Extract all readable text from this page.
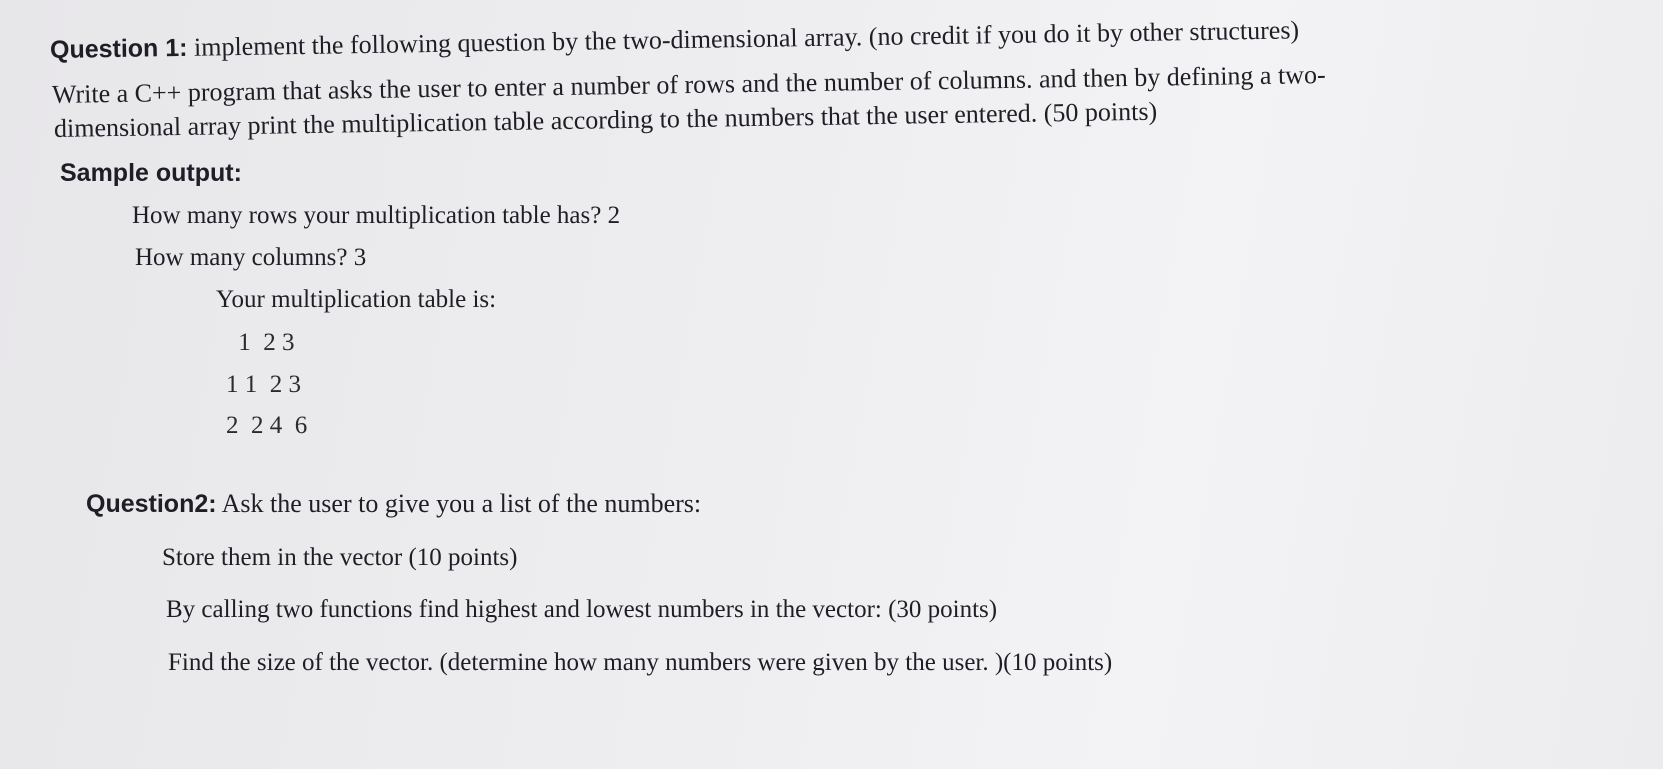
Question 1: implement the following question by the two-dimensional array. (no credit if you do it by other structures)
Write a C++ program that asks the user to enter a number of rows and the number of columns. and then by defining a two-
dimensional array print the multiplication table according to the numbers that the user entered. (50 points)
Sample output:
How many rows your multiplication table has? 2
How many columns? 3
Your multiplication table is:
1  2 3
1 1  2 3
2  2 4  6
Question2: Ask the user to give you a list of the numbers:
Store them in the vector (10 points)
By calling two functions find highest and lowest numbers in the vector: (30 points)
Find the size of the vector. (determine how many numbers were given by the user. )(10 points)
